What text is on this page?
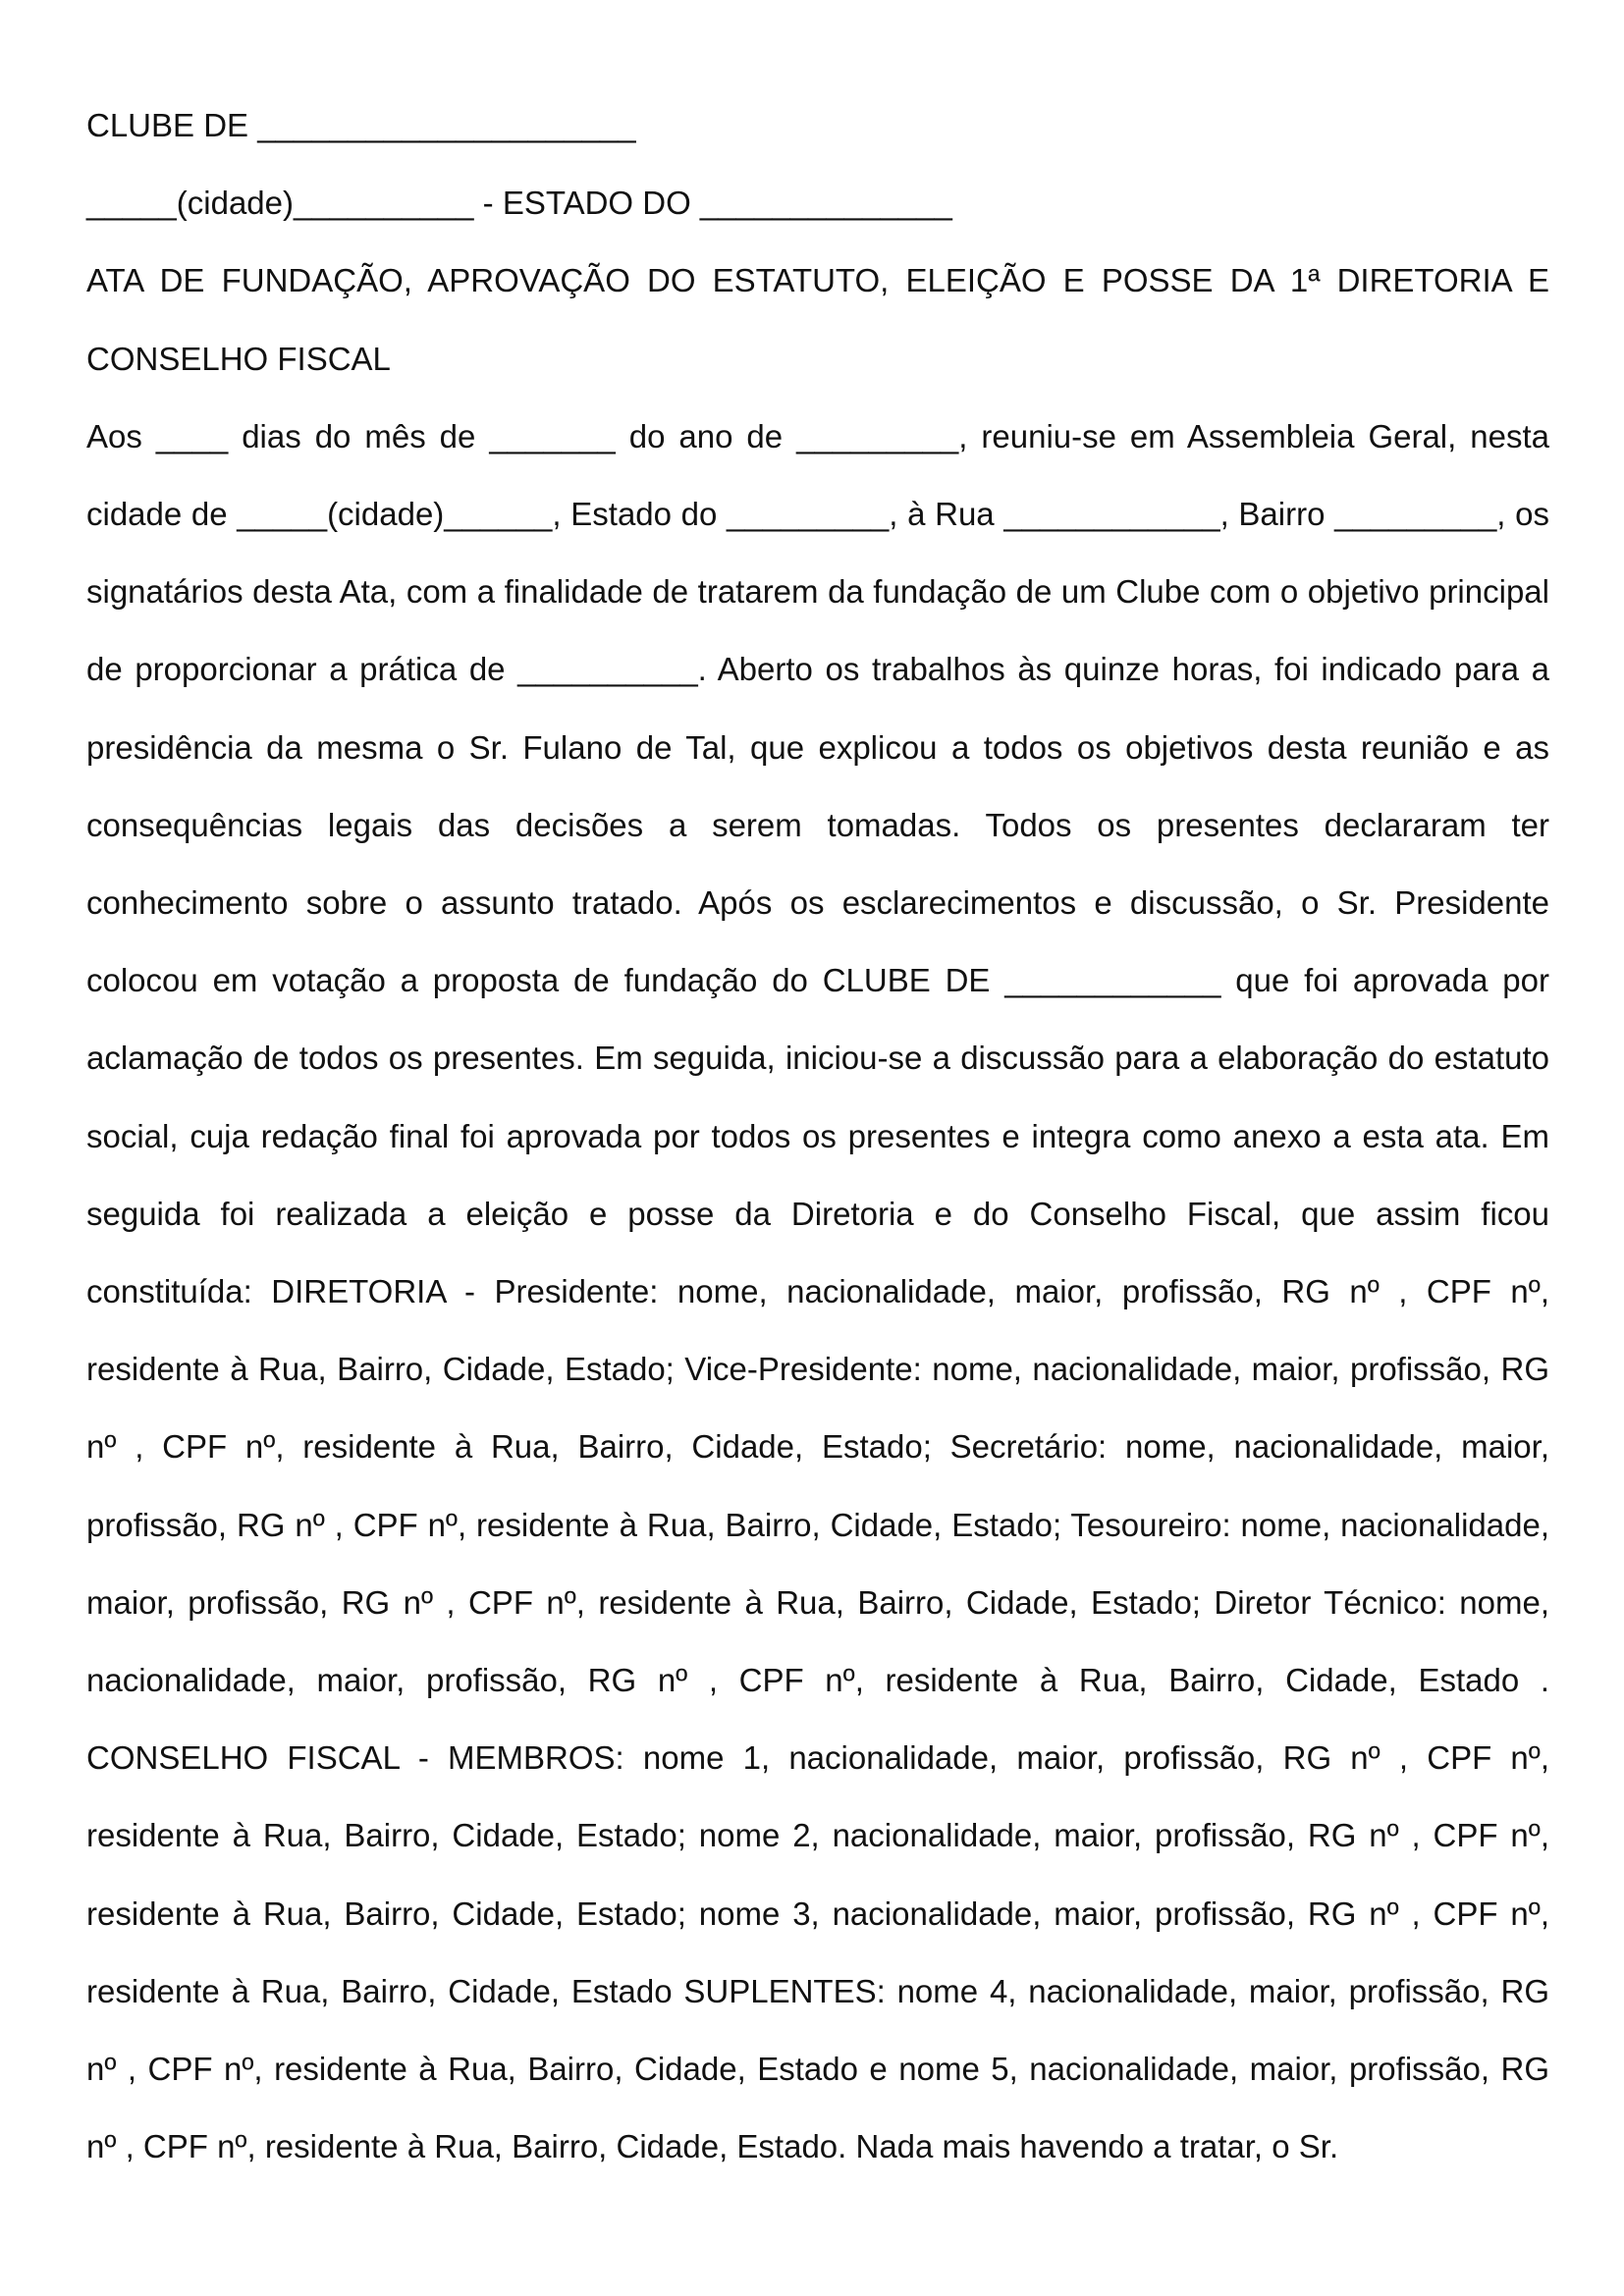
CLUBE DE _____________________

_____(cidade)__________ - ESTADO DO ______________

ATA DE FUNDAÇÃO, APROVAÇÃO DO ESTATUTO, ELEIÇÃO E POSSE DA 1ª DIRETORIA E CONSELHO FISCAL

Aos ____ dias do mês de _______ do ano de _________, reuniu-se em Assembleia Geral, nesta cidade de _____(cidade)______, Estado do _________, à Rua ____________, Bairro _________, os signatários desta Ata, com a finalidade de tratarem da fundação de um Clube com o objetivo principal de proporcionar a prática de __________. Aberto os trabalhos às quinze horas, foi indicado para a presidência da mesma o Sr. Fulano de Tal, que explicou a todos os objetivos desta reunião e as consequências legais das decisões a serem tomadas. Todos os presentes declararam ter conhecimento sobre o assunto tratado. Após os esclarecimentos e discussão, o Sr. Presidente colocou em votação a proposta de fundação do CLUBE DE ____________ que foi aprovada por aclamação de todos os presentes. Em seguida, iniciou-se a discussão para a elaboração do estatuto social, cuja redação final foi aprovada por todos os presentes e integra como anexo a esta ata. Em seguida foi realizada a eleição e posse da Diretoria e do Conselho Fiscal, que assim ficou constituída: DIRETORIA - Presidente: nome, nacionalidade, maior, profissão, RG nº , CPF nº, residente à Rua, Bairro, Cidade, Estado; Vice-Presidente: nome, nacionalidade, maior, profissão, RG nº , CPF nº, residente à Rua, Bairro, Cidade, Estado; Secretário: nome, nacionalidade, maior, profissão, RG nº , CPF nº, residente à Rua, Bairro, Cidade, Estado; Tesoureiro: nome, nacionalidade, maior, profissão, RG nº , CPF nº, residente à Rua, Bairro, Cidade, Estado; Diretor Técnico: nome, nacionalidade, maior, profissão, RG nº , CPF nº, residente à Rua, Bairro, Cidade, Estado . CONSELHO FISCAL - MEMBROS: nome 1, nacionalidade, maior, profissão, RG nº , CPF nº, residente à Rua, Bairro, Cidade, Estado; nome 2, nacionalidade, maior, profissão, RG nº , CPF nº, residente à Rua, Bairro, Cidade, Estado; nome 3, nacionalidade, maior, profissão, RG nº , CPF nº, residente à Rua, Bairro, Cidade, Estado SUPLENTES: nome 4, nacionalidade, maior, profissão, RG nº , CPF nº, residente à Rua, Bairro, Cidade, Estado e nome 5, nacionalidade, maior, profissão, RG nº , CPF nº, residente à Rua, Bairro, Cidade, Estado. Nada mais havendo a tratar, o Sr.
